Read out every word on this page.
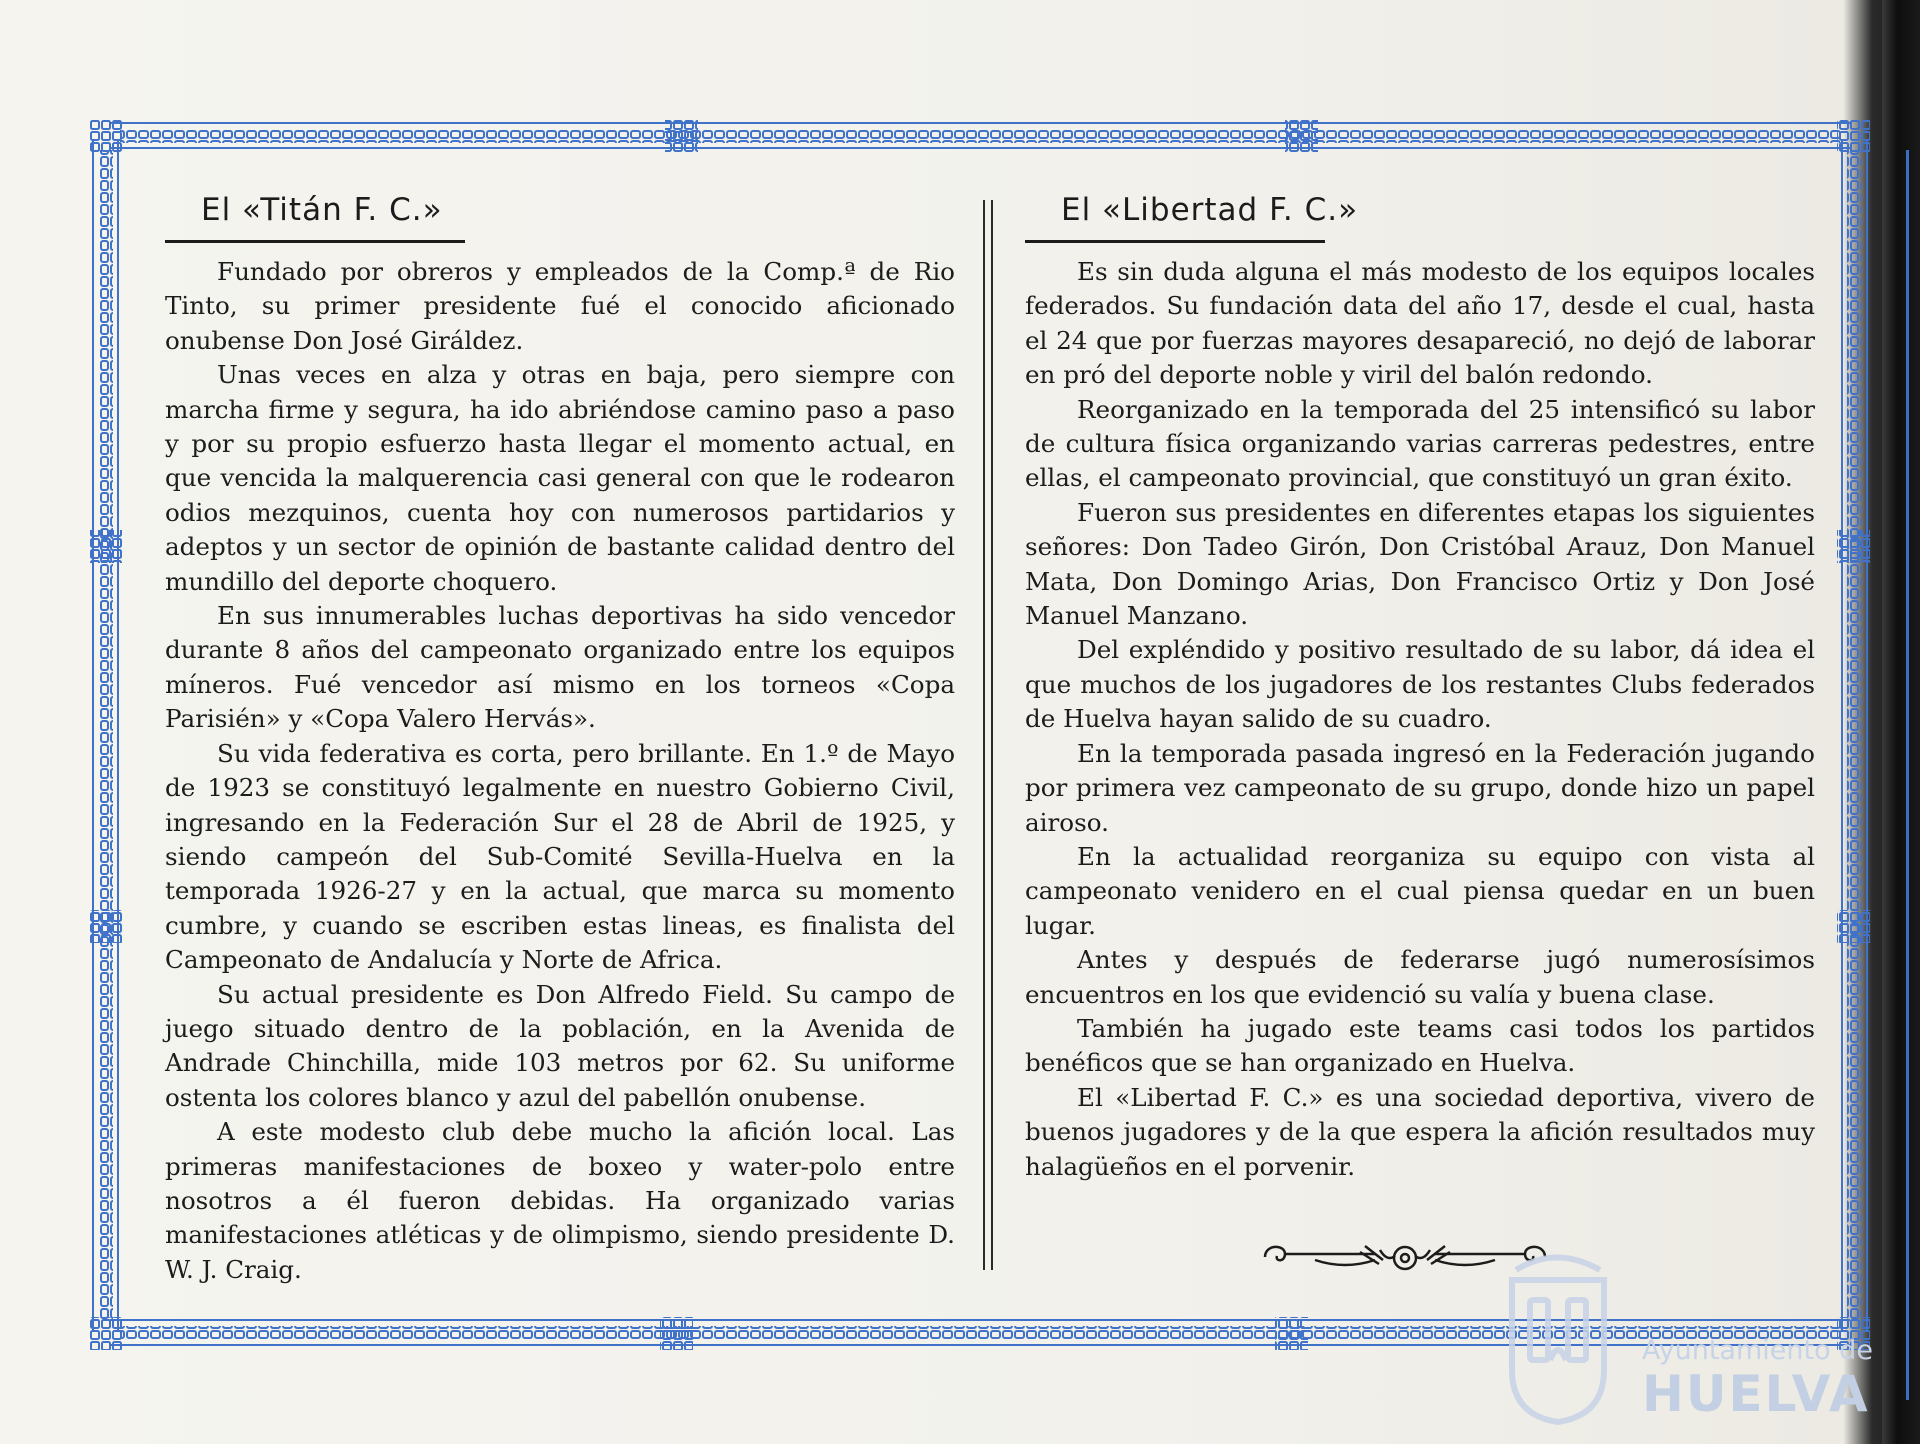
El «Titán F. C.»

Fundado por obreros y empleados de la Comp.ª de Rio Tinto, su primer presidente fué el conocido aficionado onubense Don José Giráldez.

Unas veces en alza y otras en baja, pero siempre con marcha firme y segura, ha ido abriéndose camino paso a paso y por su propio esfuerzo hasta llegar el momento actual, en que vencida la malquerencia casi general con que le rodearon odios mezquinos, cuenta hoy con numerosos partidarios y adeptos y un sector de opinión de bastante calidad dentro del mundillo del deporte choquero.

En sus innumerables luchas deportivas ha sido vencedor durante 8 años del campeonato organizado entre los equipos míneros. Fué vencedor así mismo en los torneos «Copa Parisién» y «Copa Valero Hervás».

Su vida federativa es corta, pero brillante. En 1.º de Mayo de 1923 se constituyó legalmente en nuestro Gobierno Civil, ingresando en la Federación Sur el 28 de Abril de 1925, y siendo campeón del Sub-Comité Sevilla-Huelva en la temporada 1926-27 y en la actual, que marca su momento cumbre, y cuando se escriben estas lineas, es finalista del Campeonato de Andalucía y Norte de Africa.

Su actual presidente es Don Alfredo Field. Su campo de juego situado dentro de la población, en la Avenida de Andrade Chinchilla, mide 103 metros por 62. Su uniforme ostenta los colores blanco y azul del pabellón onubense.

A este modesto club debe mucho la afición local. Las primeras manifestaciones de boxeo y water-polo entre nosotros a él fueron debidas. Ha organizado varias manifestaciones atléticas y de olimpismo, siendo presidente D. W. J. Craig.

El «Libertad F. C.»

Es sin duda alguna el más modesto de los equipos locales federados. Su fundación data del año 17, desde el cual, hasta el 24 que por fuerzas mayores desapareció, no dejó de laborar en pró del deporte noble y viril del balón redondo.

Reorganizado en la temporada del 25 intensificó su labor de cultura física organizando varias carreras pedestres, entre ellas, el campeonato provincial, que constituyó un gran éxito.

Fueron sus presidentes en diferentes etapas los siguientes señores: Don Tadeo Girón, Don Cristóbal Arauz, Don Manuel Mata, Don Domingo Arias, Don Francisco Ortiz y Don José Manuel Manzano.

Del expléndido y positivo resultado de su labor, dá idea el que muchos de los jugadores de los restantes Clubs federados de Huelva hayan salido de su cuadro.

En la temporada pasada ingresó en la Federación jugando por primera vez campeonato de su grupo, donde hizo un papel airoso.

En la actualidad reorganiza su equipo con vista al campeonato venidero en el cual piensa quedar en un buen lugar.

Antes y después de federarse jugó numerosísimos encuentros en los que evidenció su valía y buena clase.

También ha jugado este teams casi todos los partidos benéficos que se han organizado en Huelva.

El «Libertad F. C.» es una sociedad deportiva, vivero de buenos jugadores y de la que espera la afición resultados muy halagüeños en el porvenir.

Ayuntamiento de
HUELVA
